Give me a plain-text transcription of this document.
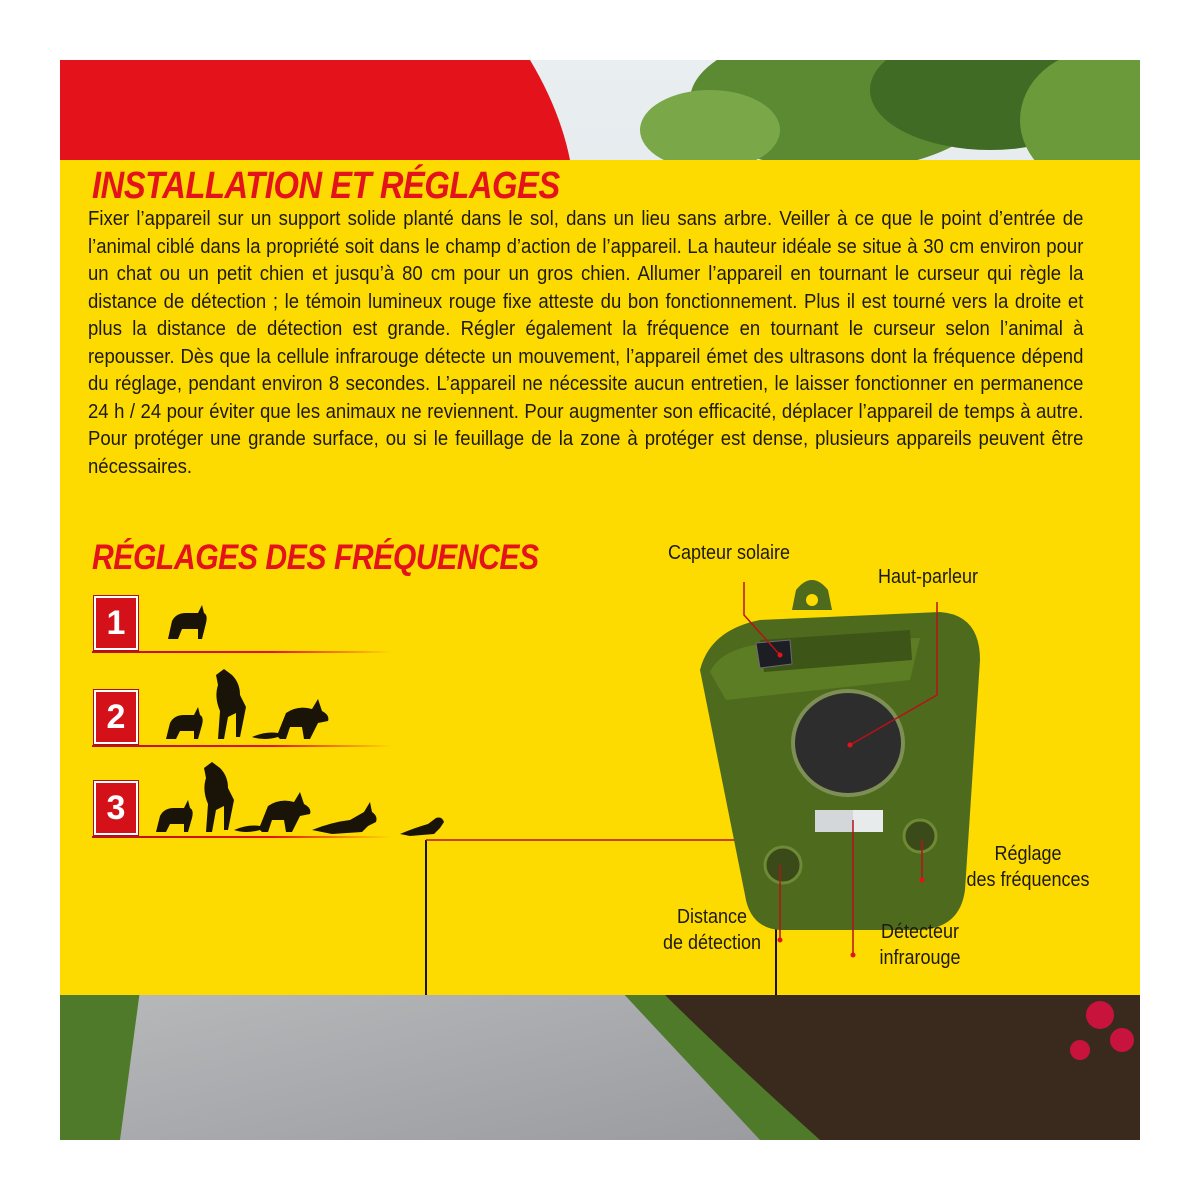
INSTALLATION ET RÉGLAGES

Fixer l’appareil sur un support solide planté dans le sol, dans un lieu sans arbre. Veiller à ce que le point d’entrée de l’animal ciblé dans la propriété soit dans le champ d’action de l’appareil. La hauteur idéale se situe à 30 cm environ pour un chat ou un petit chien et jusqu’à 80 cm pour un gros chien. Allumer l’appareil en tournant le curseur qui règle la distance de détection ; le témoin lumineux rouge fixe atteste du bon fonctionnement. Plus il est tourné vers la droite et plus la distance de détection est grande. Régler également la fréquence en tournant le curseur selon l’animal à repousser. Dès que la cellule infrarouge détecte un mouvement, l’appareil émet des ultrasons dont la fréquence dépend du réglage, pendant environ 8 secondes. L’appareil ne nécessite aucun entretien, le laisser fonctionner en permanence 24 h / 24 pour éviter que les animaux ne reviennent. Pour augmenter son efficacité, déplacer l’appareil de temps à autre. Pour protéger une grande surface, ou si le feuillage de la zone à protéger est dense, plusieurs appareils peuvent être nécessaires.

RÉGLAGES DES FRÉQUENCES
1
2
3
Capteur solaire
Haut-parleur
Réglage
des fréquences
Distance
de détection	Détecteur
infrarouge
